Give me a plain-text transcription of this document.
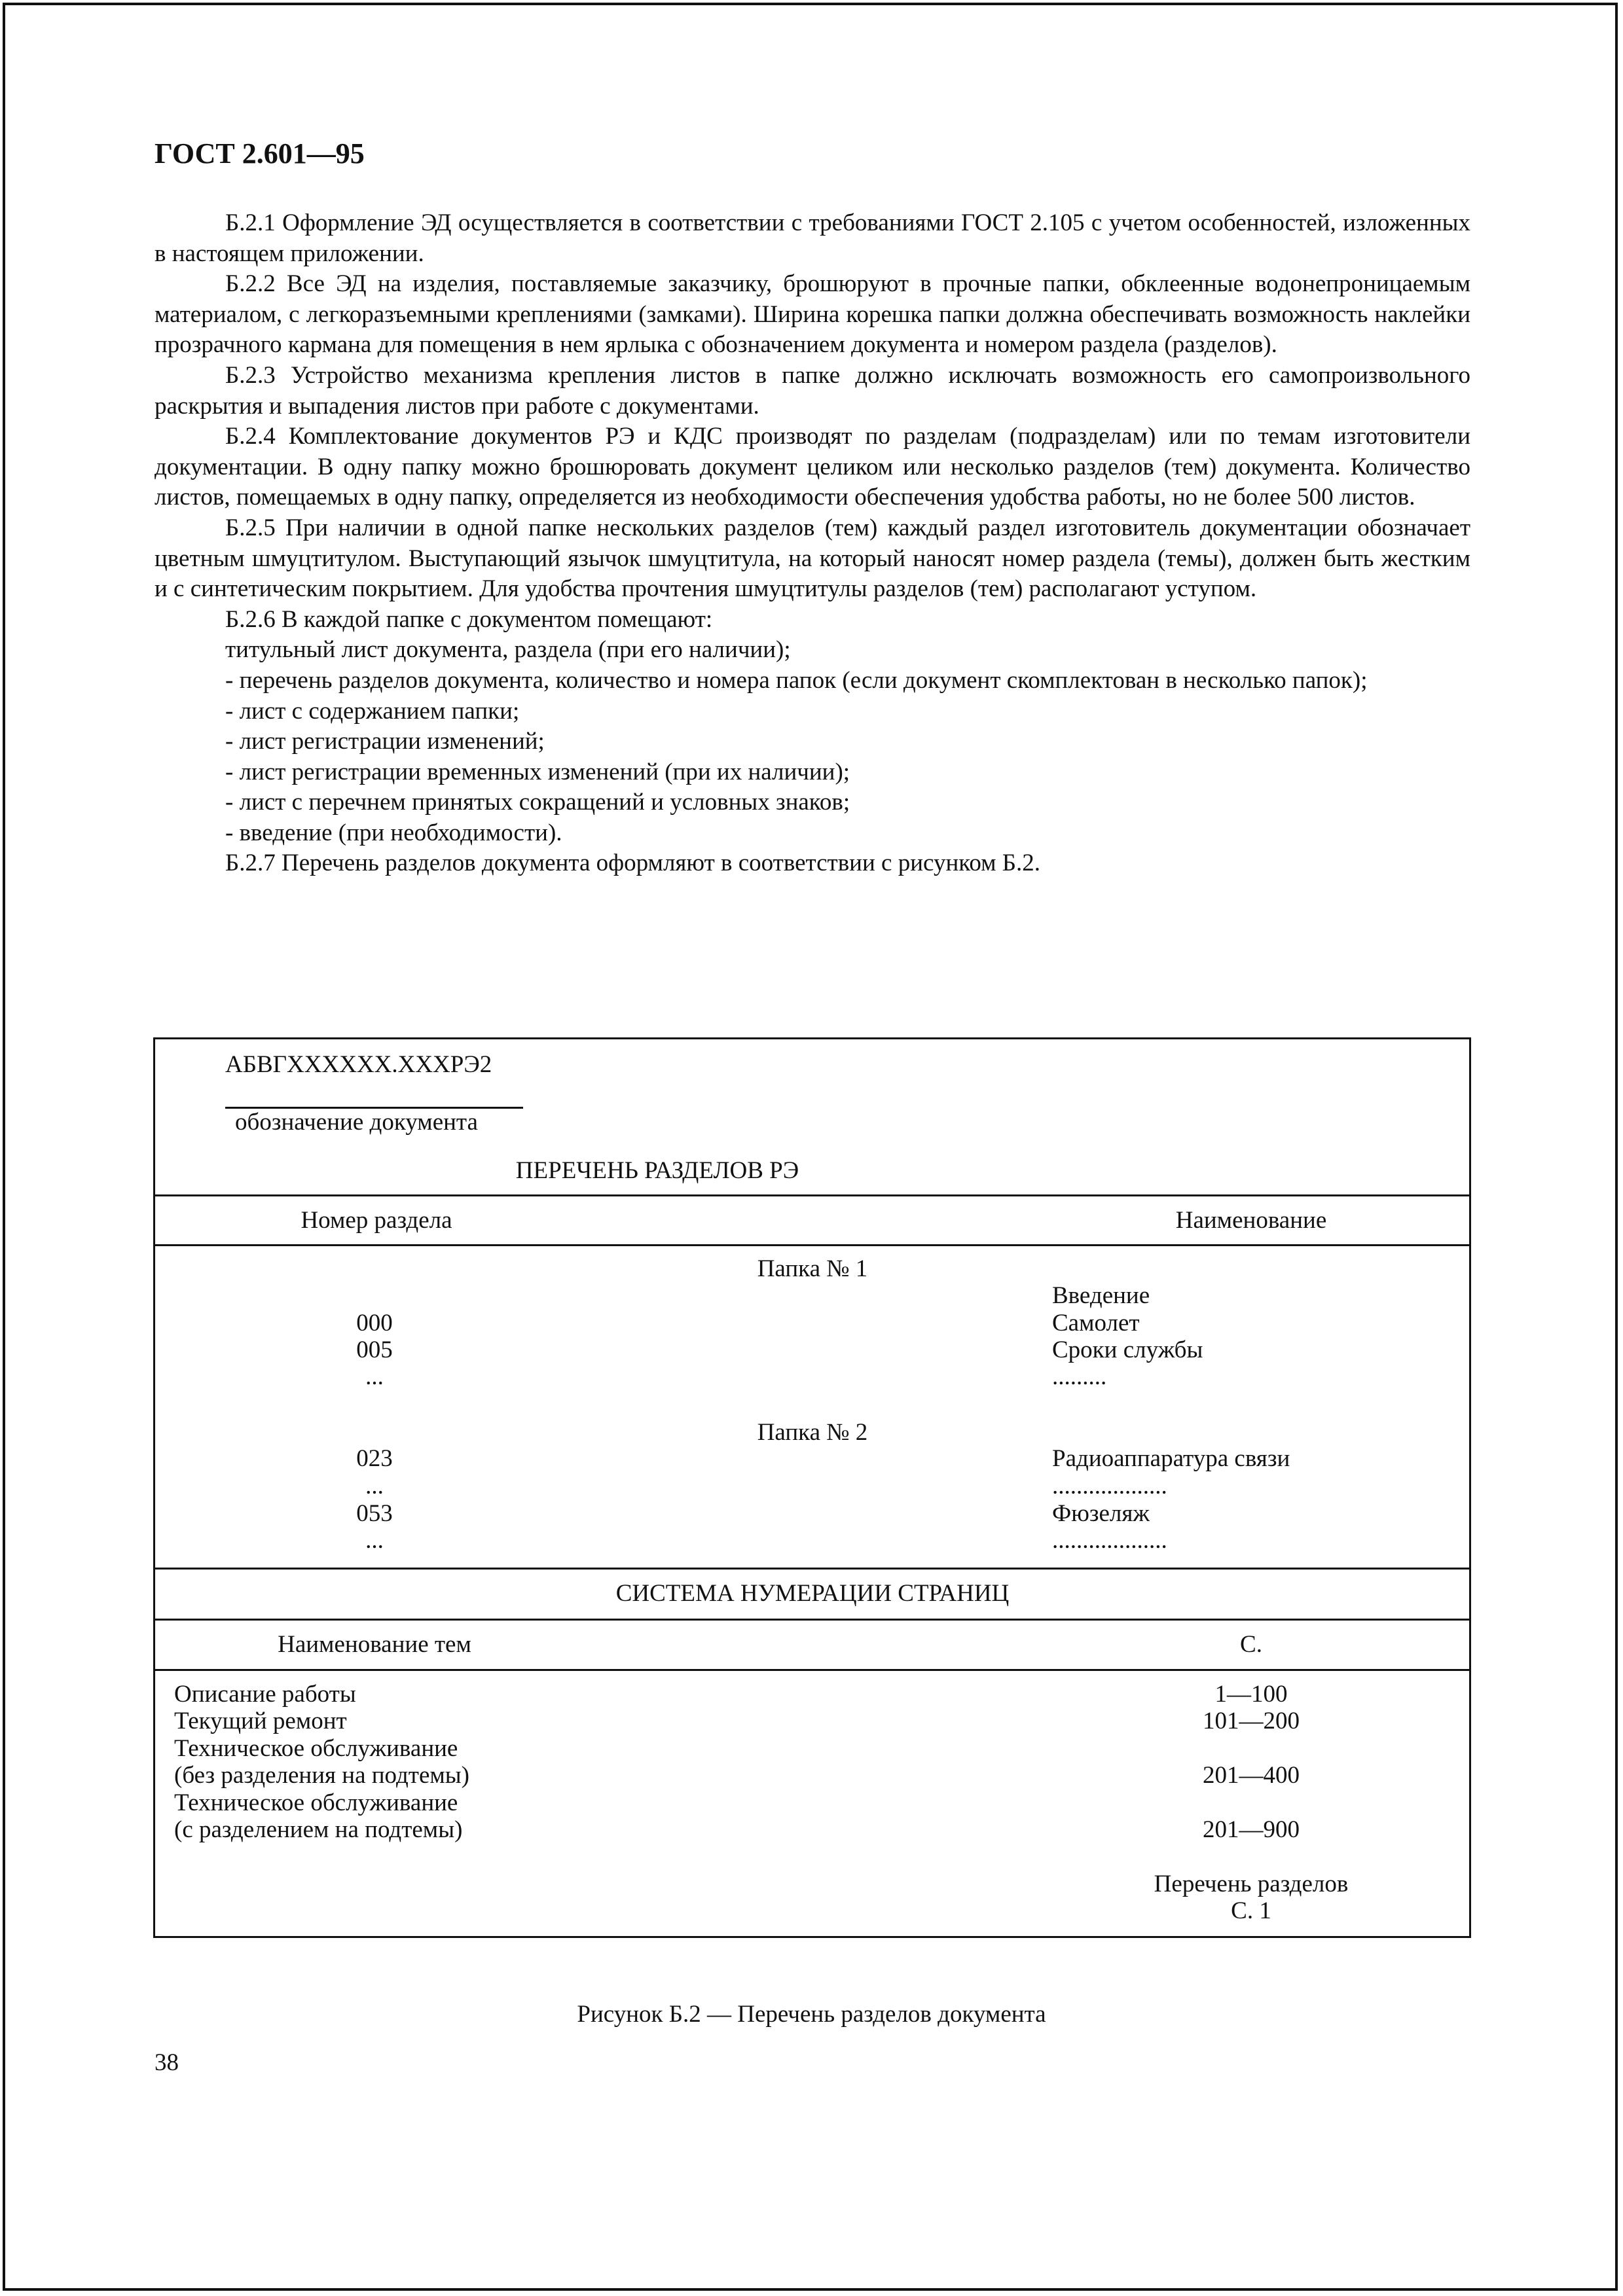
ГОСТ 2.601—95

Б.2.1 Оформление ЭД осуществляется в соответствии с требованиями ГОСТ 2.105 с учетом особенностей, изложенных в настоящем приложении.

Б.2.2 Все ЭД на изделия, поставляемые заказчику, брошюруют в прочные папки, обклеенные водонепроницаемым материалом, с легкоразъемными креплениями (замками). Ширина корешка папки должна обеспечивать возможность наклейки прозрачного кармана для помещения в нем ярлыка с обозначением документа и номером раздела (разделов).

Б.2.3 Устройство механизма крепления листов в папке должно исключать возможность его самопроизвольного раскрытия и выпадения листов при работе с документами.

Б.2.4 Комплектование документов РЭ и КДС производят по разделам (подразделам) или по темам изготовители документации. В одну папку можно брошюровать документ целиком или несколько разделов (тем) документа. Количество листов, помещаемых в одну папку, определяется из необходимости обеспечения удобства работы, но не более 500 листов.

Б.2.5 При наличии в одной папке нескольких разделов (тем) каждый раздел изготовитель документации обозначает цветным шмуцтитулом. Выступающий язычок шмуцтитула, на который наносят номер раздела (темы), должен быть жестким и с синтетическим покрытием. Для удобства прочтения шмуцтитулы разделов (тем) располагают уступом.

Б.2.6 В каждой папке с документом помещают:

титульный лист документа, раздела (при его наличии);

- перечень разделов документа, количество и номера папок (если документ скомплектован в несколько папок);

- лист с содержанием папки;

- лист регистрации изменений;

- лист регистрации временных изменений (при их наличии);

- лист с перечнем принятых сокращений и условных знаков;

- введение (при необходимости).

Б.2.7 Перечень разделов документа оформляют в соответствии с рисунком Б.2.

АБВГXXXXXX.XXXPЭ2
обозначение документа
ПЕРЕЧЕНЬ РАЗДЕЛОВ РЭ
Номер раздела	Наименование
Папка № 1
Введение
000	Самолет
005	Сроки службы
...	.........
Папка № 2
023	Радиоаппаратура связи
...	...................
053	Фюзеляж
...	...................
СИСТЕМА НУМЕРАЦИИ СТРАНИЦ
Наименование тем	С.
Описание работы	1—100
Текущий ремонт	101—200
Техническое обслуживание
(без разделения на подтемы)	201—400
Техническое обслуживание
(с разделением на подтемы)	201—900
Перечень разделов
С. 1
Рисунок Б.2 — Перечень разделов документа
38
